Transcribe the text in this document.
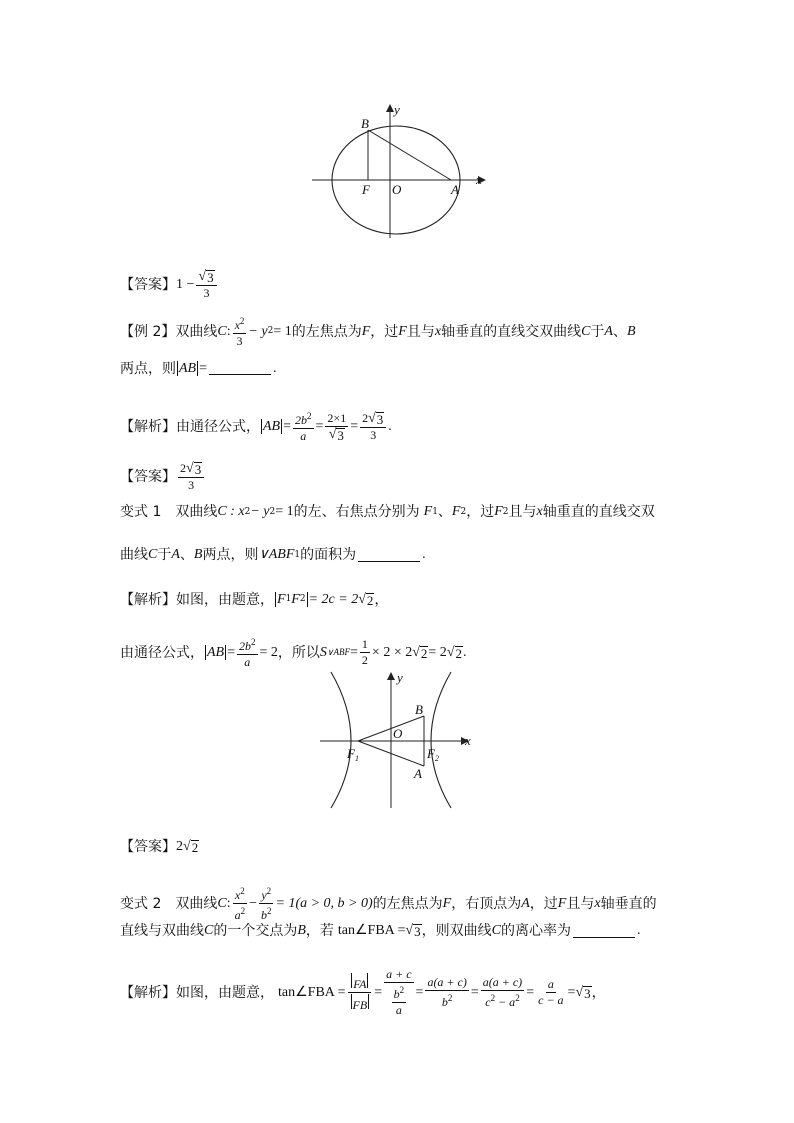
B
y
F O	A
x
【答案】 $1 - \frac{√ 3}{3}$
【例 2】 双曲线 C : $\frac{x^2}{3} - y$ 2 = 1 的左焦点为 F ，过 F 且与 x 轴垂直的直线交双曲线 C 于 A 、 B
两点，则 AB =	.
【解析】 由通径公式， AB = $\frac{2b^2}{a} = \frac{2\times 1}{√ 3} = \frac{2 √ 3}{3}$ .
【答案】 $\frac{2 √ 3}{3}$
变式 1 双曲线 C : x 2 − y 2 = 1 的左、右焦点分别为 F 1 、 F 2 ，过 F 2 且与 x 轴重直的直线交双
曲线 C 于 A 、 B 两点，则 ∨ABF 1 的面积为	.
【解析】 如图，由题意， F 1 F 2 = 2c = 2 √ 2 ，
由通径公式， AB = $\frac{2b^2}{a} = 2$ ，所以 S ∨ABF = $\frac{1}{2} \times 2 \times 2$ √ 2 = 2 √ 2 .
y
B
O
$F_1$	$F_2$
x
A
【答案】 2 √ 2
变式 2 双曲线 C : $\frac{x^2}{a^2} - \frac{y^2}{b^2} = 1(a > 0$, b > 0) 的左焦点为 F ，右顶点为 A ，过 F 且与 x 轴垂直的
直线与双曲线 C 的一个交点为 B ，若 tan∠FBA = √ 3 ，则双曲线 C 的离心率为	.
【解析】 如图，由题意， tan∠FBA = $\frac{FA}{FB} = \frac{a + c}{\frac{b^2}{a}} = \frac{a(a + c)}{b^2} = \frac{a(a + c)}{c^2 - a^2} = \frac{a}{c - a}$ = √ 3 ，
